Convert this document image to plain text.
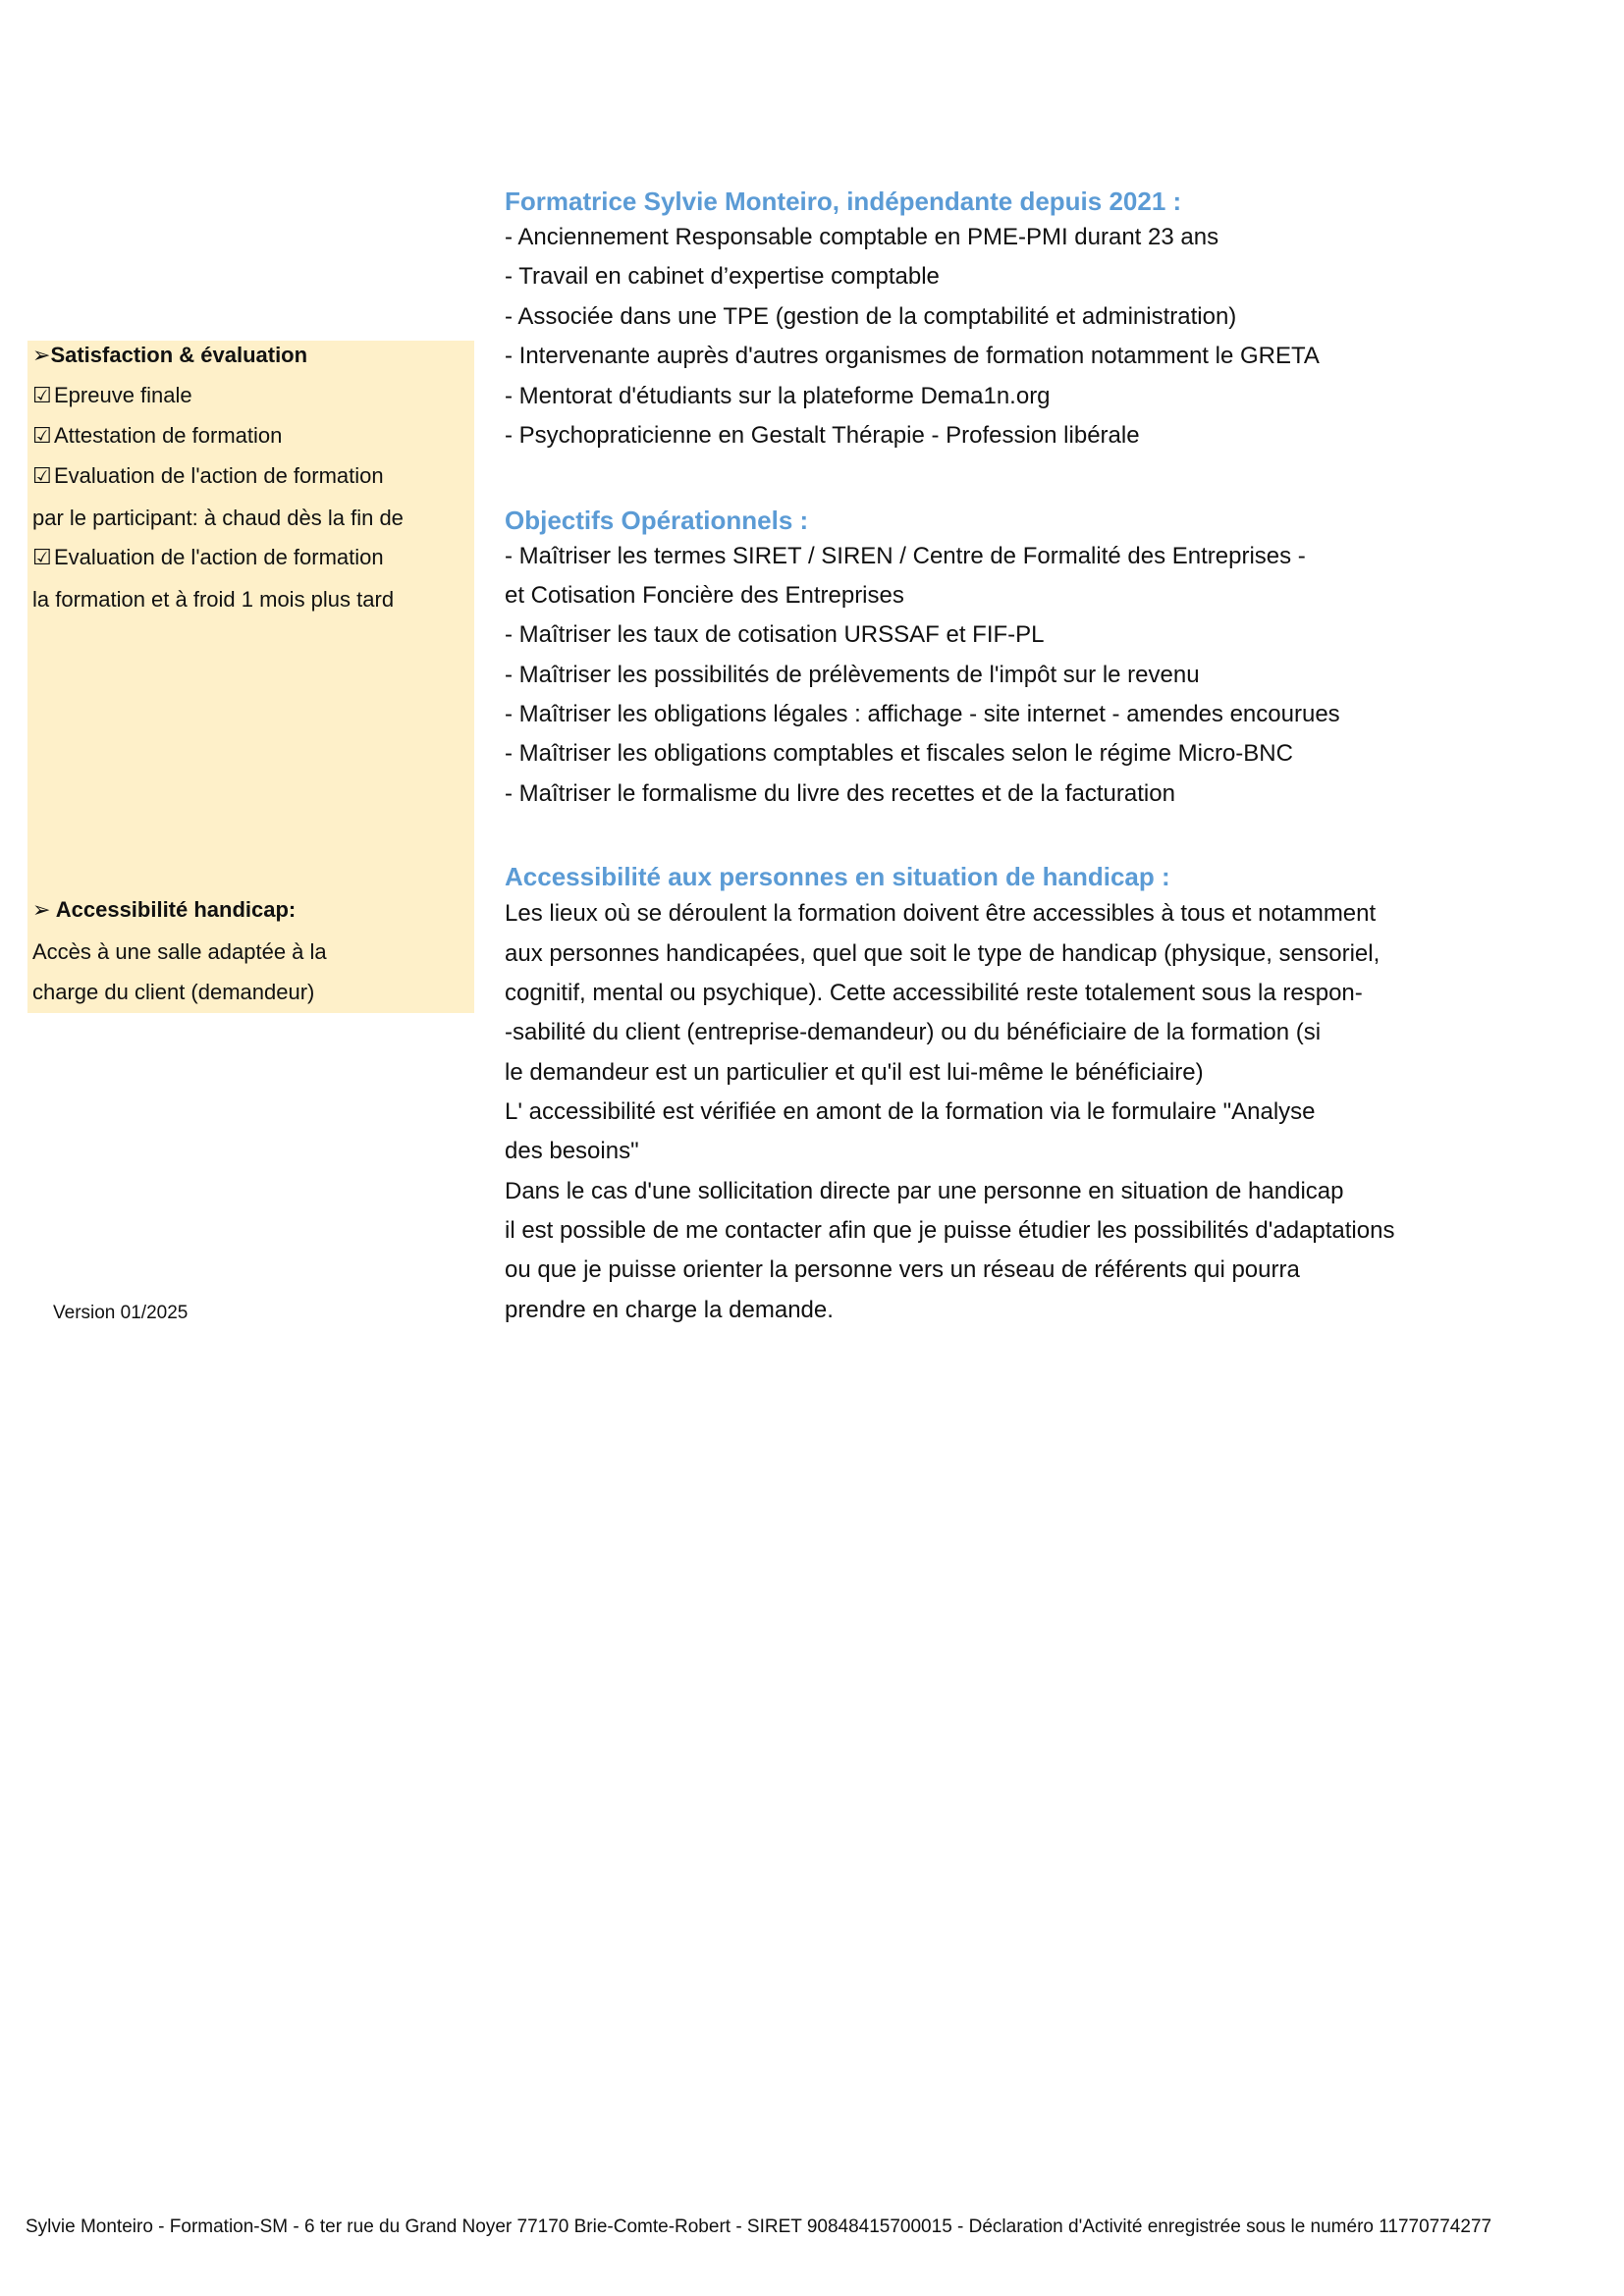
➢Satisfaction & évaluation
☑ Epreuve finale
☑ Attestation de formation
☑ Evaluation de l'action de formation
par le participant: à chaud dès la fin de
☑ Evaluation de l'action de formation
la formation et à froid 1 mois plus tard
➢ Accessibilité handicap:
Accès à une salle adaptée à la
charge du client (demandeur)
Version 01/2025
Formatrice Sylvie Monteiro, indépendante depuis 2021 :
- Anciennement Responsable comptable en PME-PMI durant 23 ans
- Travail en cabinet d’expertise comptable
- Associée dans une TPE (gestion de la comptabilité et administration)
- Intervenante auprès d'autres organismes de formation notamment le GRETA
- Mentorat d'étudiants sur la plateforme Dema1n.org
- Psychopraticienne en Gestalt Thérapie - Profession libérale
Objectifs Opérationnels :
- Maîtriser les termes SIRET / SIREN / Centre de Formalité des Entreprises -
et Cotisation Foncière des Entreprises
- Maîtriser les taux de cotisation URSSAF et FIF-PL
- Maîtriser les possibilités de prélèvements de l'impôt sur le revenu
- Maîtriser les obligations légales : affichage - site internet - amendes encourues
- Maîtriser les obligations comptables et fiscales selon le régime Micro-BNC
- Maîtriser le formalisme du livre des recettes et de la facturation
Accessibilité aux personnes en situation de handicap :
Les lieux où se déroulent la formation doivent être accessibles à tous et notamment
aux personnes handicapées, quel que soit le type de handicap (physique, sensoriel,
cognitif, mental ou psychique). Cette accessibilité reste totalement sous la respon-
-sabilité du client (entreprise-demandeur) ou du bénéficiaire de la formation (si
le demandeur est un particulier et qu'il est lui-même le bénéficiaire)
L' accessibilité est vérifiée en amont de la formation via le formulaire "Analyse
des besoins"
Dans le cas d'une sollicitation directe par une personne en situation de handicap
il est possible de me contacter afin que je puisse étudier les possibilités d'adaptations
ou que je puisse orienter la personne vers un réseau de référents qui pourra
prendre en charge la demande.
Sylvie Monteiro - Formation-SM - 6 ter rue du Grand Noyer 77170 Brie-Comte-Robert - SIRET 90848415700015 - Déclaration d'Activité enregistrée sous le numéro 11770774277
